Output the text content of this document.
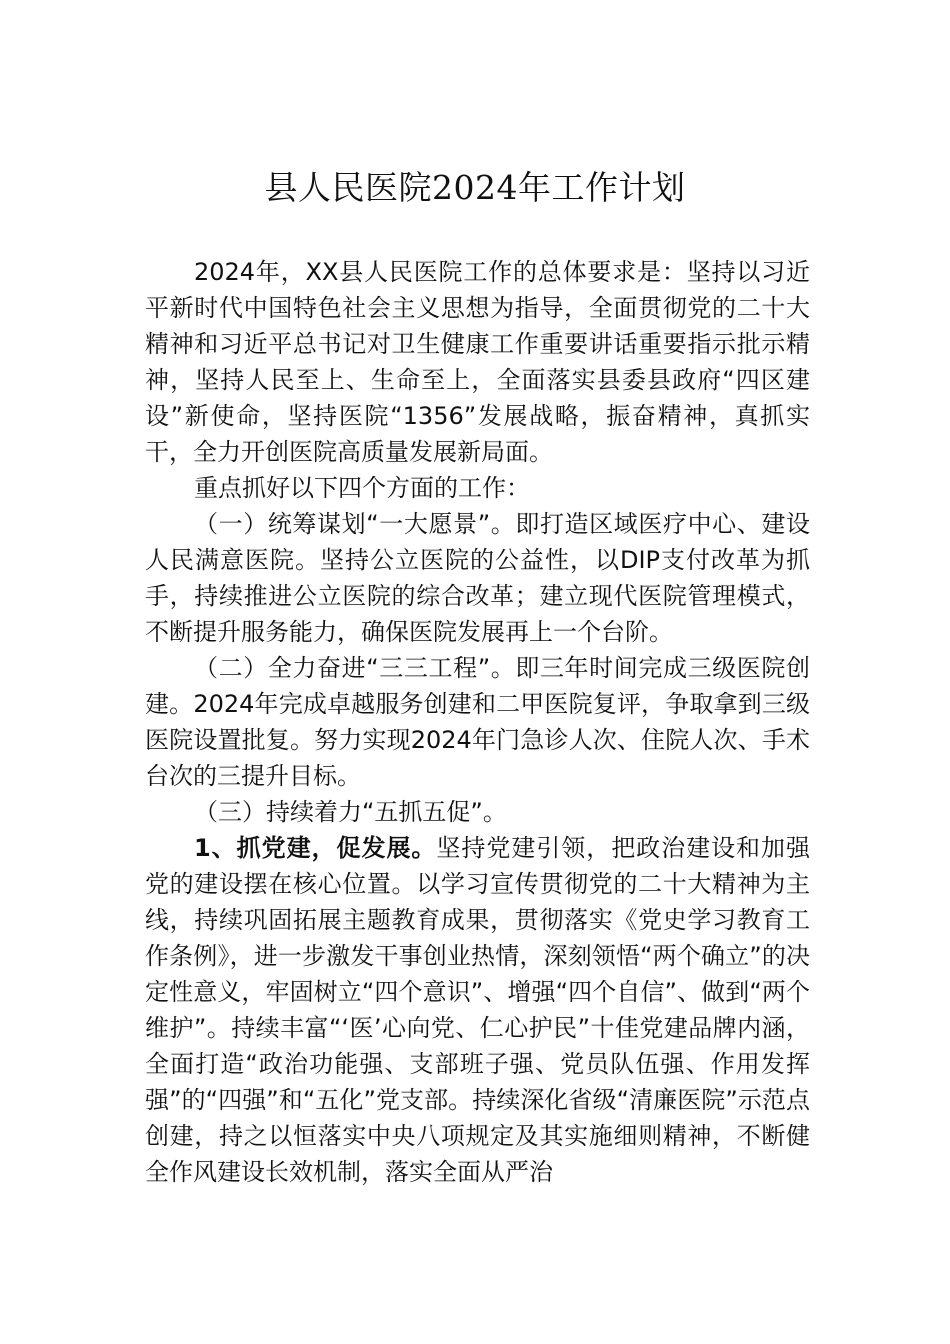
县人民医院2024年工作计划

2024年，XX县人民医院工作的总体要求是：坚持以习近平新时代中国特色社会主义思想为指导，全面贯彻党的二十大精神和习近平总书记对卫生健康工作重要讲话重要指示批示精神，坚持人民至上、生命至上，全面落实县委县政府“四区建设”新使命，坚持医院“1356”发展战略，振奋精神，真抓实干，全力开创医院高质量发展新局面。

重点抓好以下四个方面的工作：

（一）统筹谋划“一大愿景”。即打造区域医疗中心、建设人民满意医院。坚持公立医院的公益性，以DIP支付改革为抓手，持续推进公立医院的综合改革；建立现代医院管理模式，不断提升服务能力，确保医院发展再上一个台阶。

（二）全力奋进“三三工程”。即三年时间完成三级医院创建。2024年完成卓越服务创建和二甲医院复评，争取拿到三级医院设置批复。努力实现2024年门急诊人次、住院人次、手术台次的三提升目标。

（三）持续着力“五抓五促”。

1、抓党建，促发展。坚持党建引领，把政治建设和加强党的建设摆在核心位置。以学习宣传贯彻党的二十大精神为主线，持续巩固拓展主题教育成果，贯彻落实《党史学习教育工作条例》，进一步激发干事创业热情，深刻领悟“两个确立”的决定性意义，牢固树立“四个意识”、增强“四个自信”、做到“两个维护”。持续丰富“‘医’心向党、仁心护民”十佳党建品牌内涵，全面打造“政治功能强、支部班子强、党员队伍强、作用发挥强”的“四强”和“五化”党支部。持续深化省级“清廉医院”示范点创建，持之以恒落实中央八项规定及其实施细则精神，不断健全作风建设长效机制，落实全面从严治
